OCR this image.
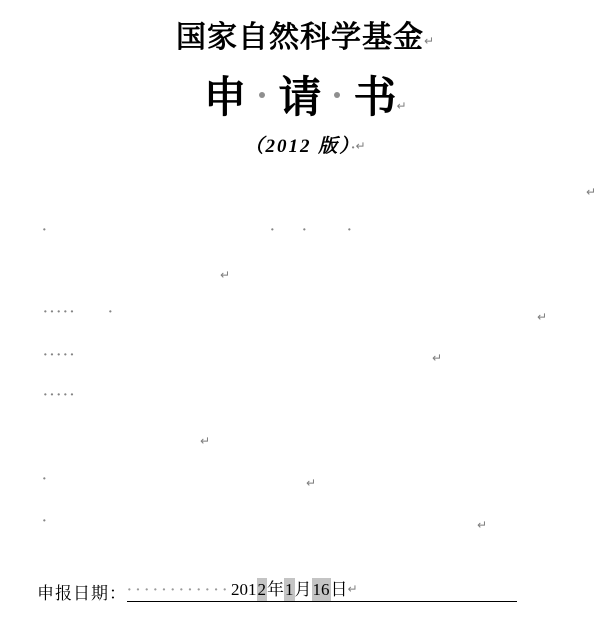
国家自然科学基金↵
申 请 书↵
（2012 版）·↵
↵
↵
↵
↵
↵
↵
↵
·	· ·	·
·
·
·
·····
·····
·····
申报日期： ············2012年1月16日↵
